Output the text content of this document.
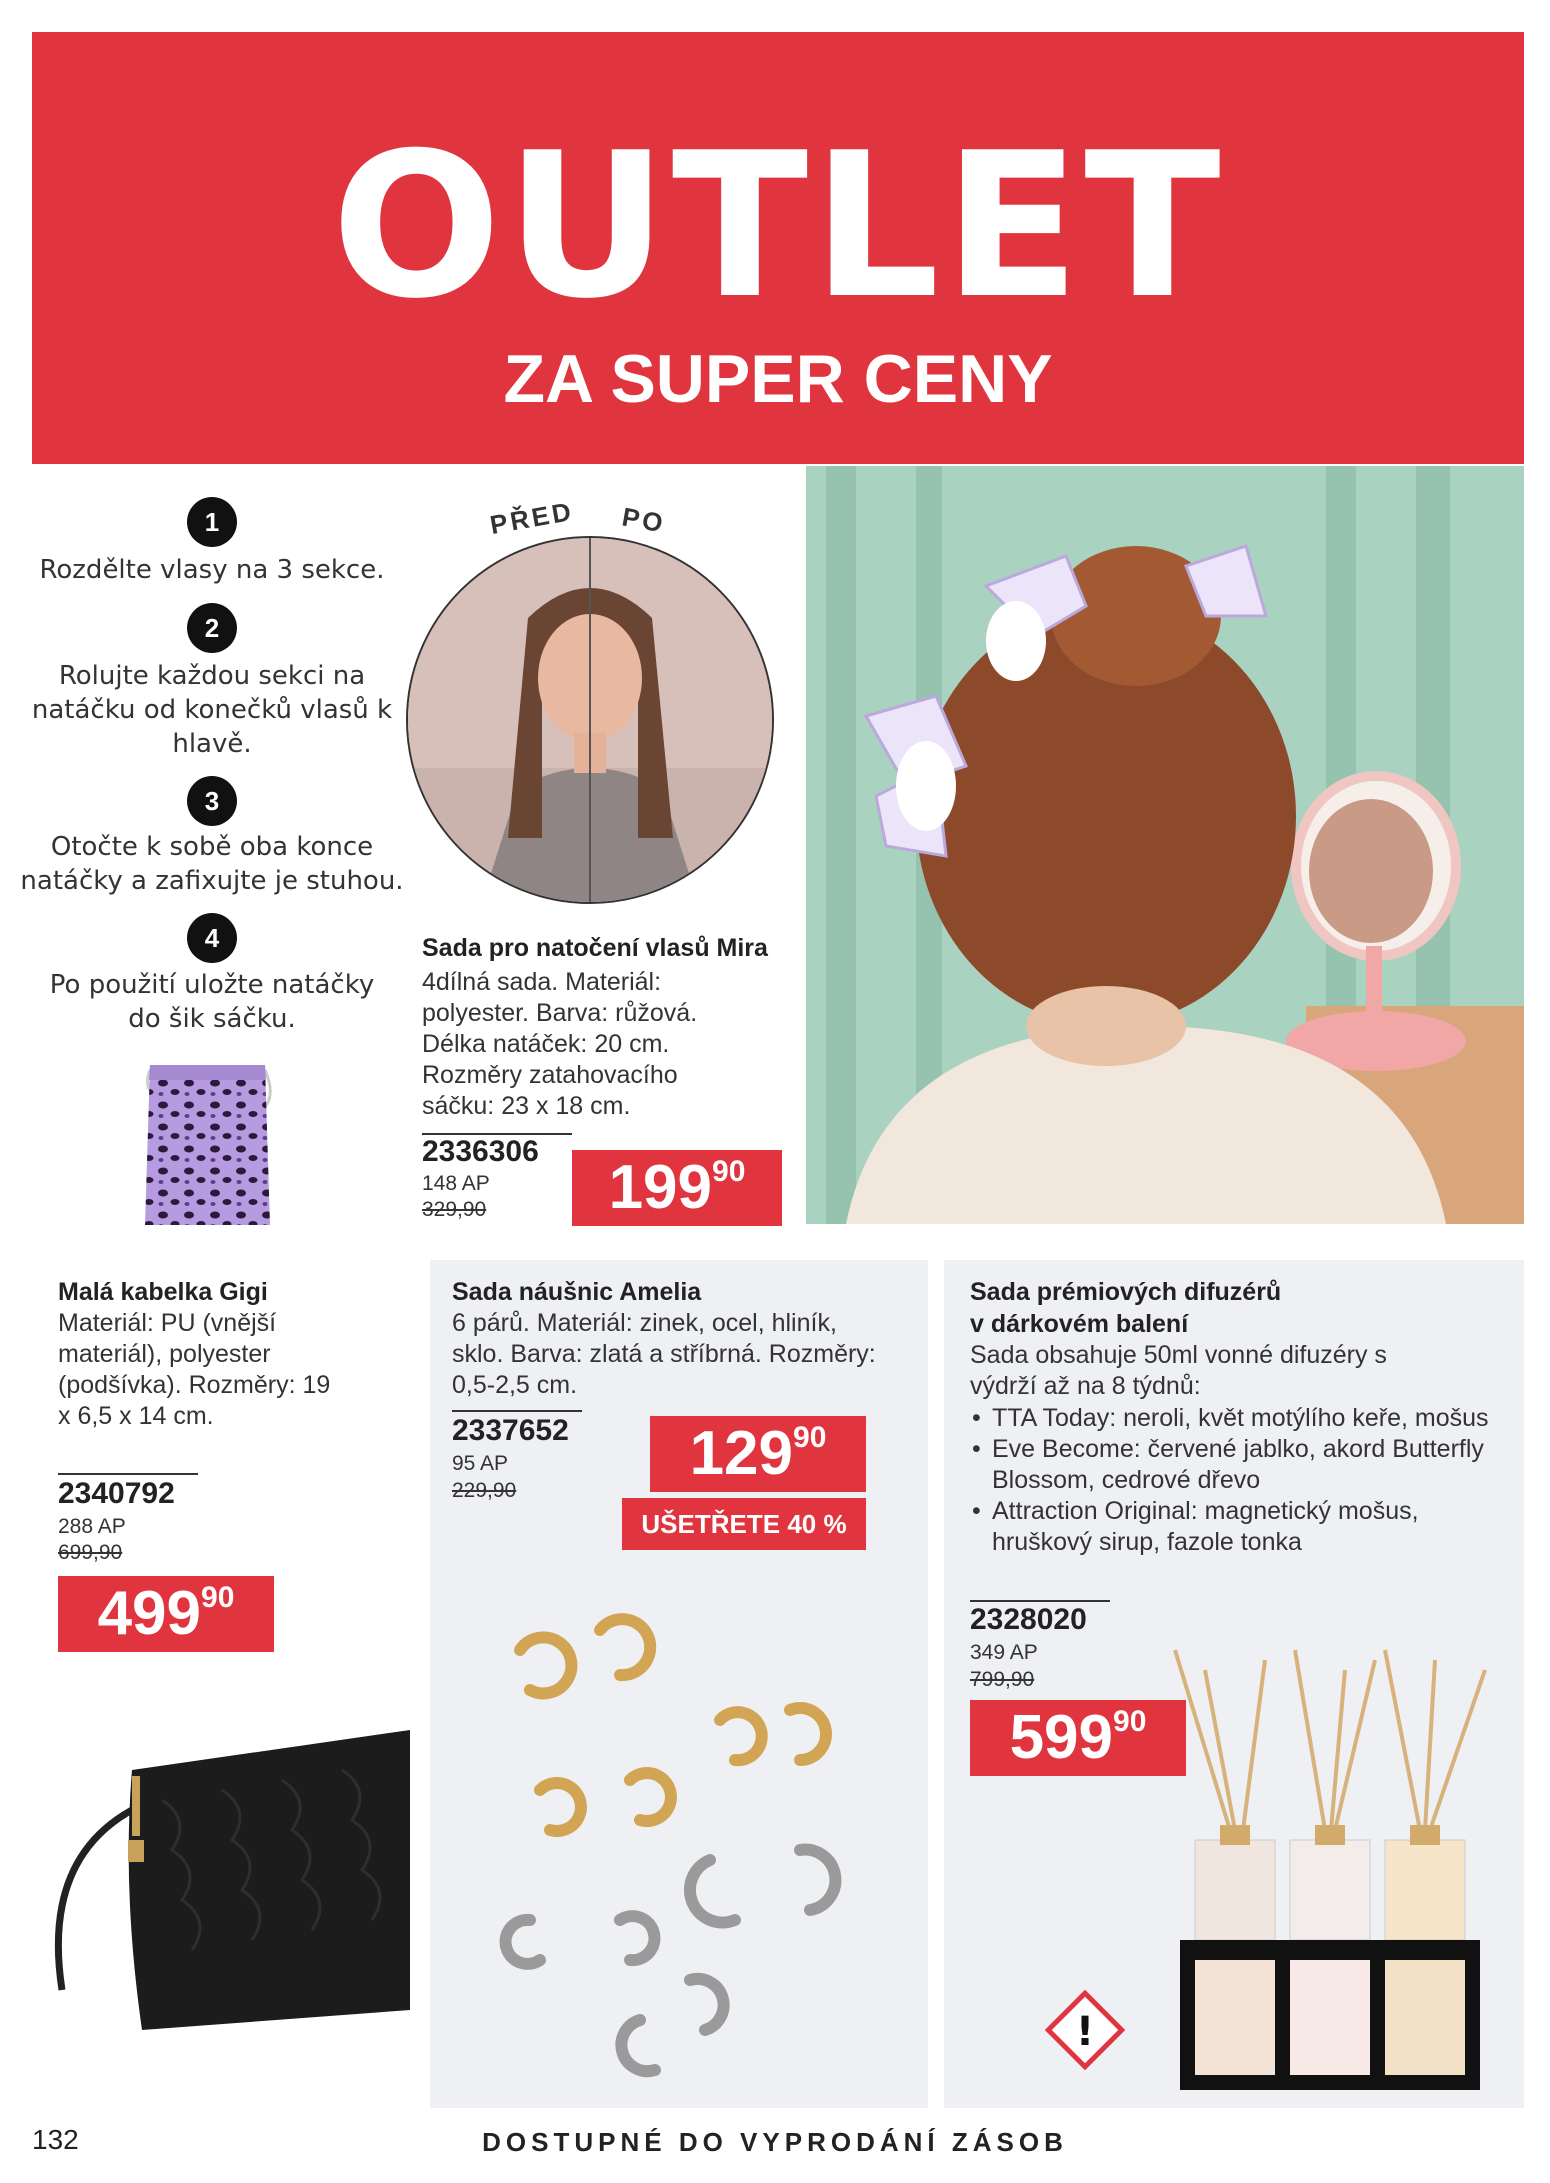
OUTLET
ZA SUPER CENY
1
Rozdělte vlasy na 3 sekce.
2
Rolujte každou sekci na natáčku od konečků vlasů k hlavě.
3
Otočte k sobě oba konce natáčky a zafixujte je stuhou.
4
Po použití uložte natáčky do šik sáčku.
PŘED PO
Sada pro natočení vlasů Mira
4dílná sada. Materiál: polyester. Barva: růžová. Délka natáček: 20 cm. Rozměry zatahovacího sáčku: 23 x 18 cm.
2336306
148 AP
329,90	19990
Malá kabelka Gigi
Materiál: PU (vnější materiál), polyester (podšívka). Rozměry: 19 x 6,5 x 14 cm.
2340792
288 AP
699,90
49990
Sada náušnic Amelia
6 párů. Materiál: zinek, ocel, hliník, sklo. Barva: zlatá a stříbrná. Rozměry: 0,5-2,5 cm.
2337652
95 AP
229,90
12990
UŠETŘETE 40 %
Sada prémiových difuzérů
v dárkovém balení
Sada obsahuje 50ml vonné difuzéry s výdrží až na 8 týdnů:
• TTA Today: neroli, květ motýlího keře, mošus
• Eve Become: červené jablko, akord Butterfly Blossom, cedrové dřevo
• Attraction Original: magnetický mošus, hruškový sirup, fazole tonka
2328020
349 AP
799,90
59990
!
132	DOSTUPNÉ DO VYPRODÁNÍ ZÁSOB
